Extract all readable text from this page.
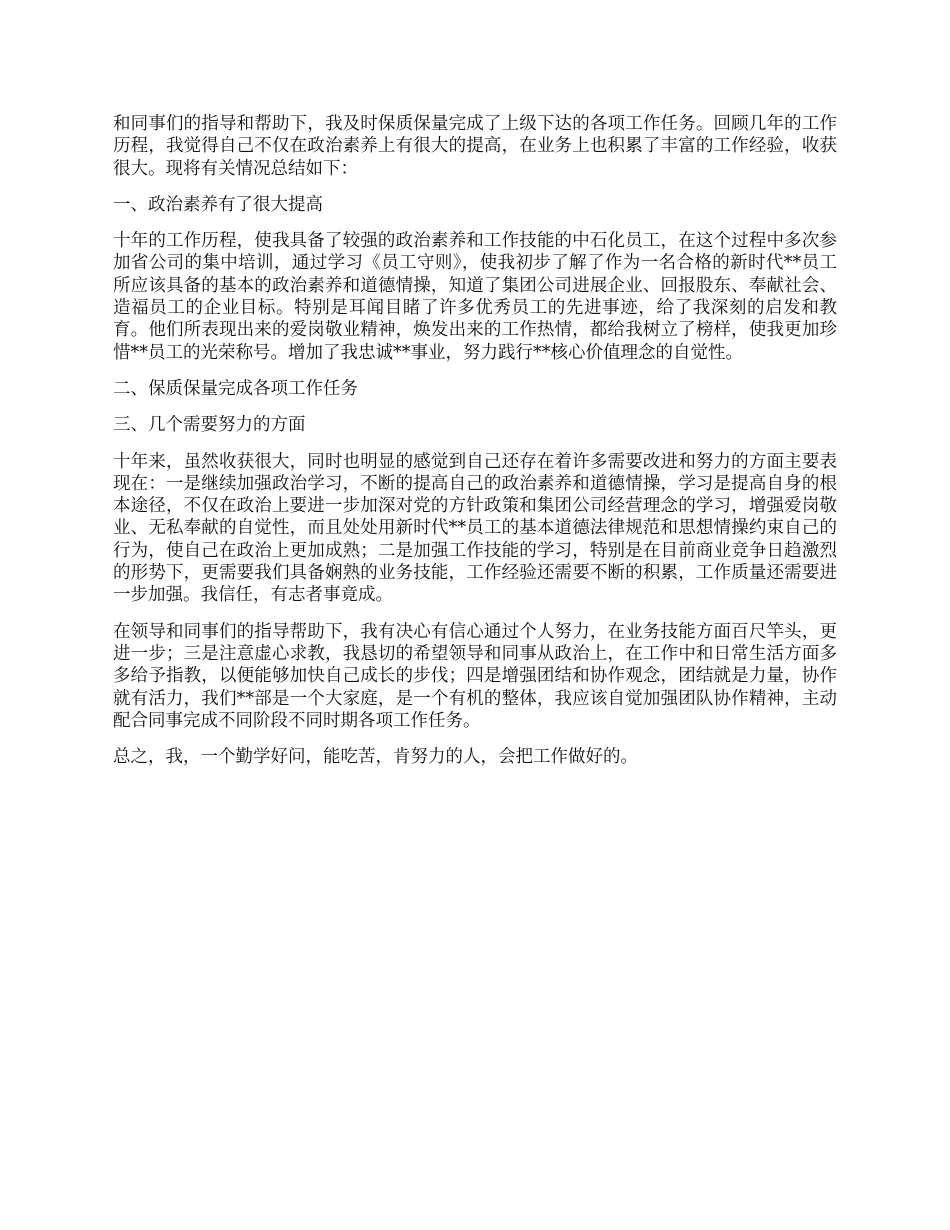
和同事们的指导和帮助下，我及时保质保量完成了上级下达的各项工作任务。回顾几年的工作历程，我觉得自己不仅在政治素养上有很大的提高，在业务上也积累了丰富的工作经验，收获很大。现将有关情况总结如下：

一、政治素养有了很大提高

十年的工作历程，使我具备了较强的政治素养和工作技能的中石化员工，在这个过程中多次参加省公司的集中培训，通过学习《员工守则》，使我初步了解了作为一名合格的新时代**员工所应该具备的基本的政治素养和道德情操，知道了集团公司进展企业、回报股东、奉献社会、造福员工的企业目标。特别是耳闻目睹了许多优秀员工的先进事迹，给了我深刻的启发和教育。他们所表现出来的爱岗敬业精神，焕发出来的工作热情，都给我树立了榜样，使我更加珍惜**员工的光荣称号。增加了我忠诚**事业，努力践行**核心价值理念的自觉性。

二、保质保量完成各项工作任务

三、几个需要努力的方面

十年来，虽然收获很大，同时也明显的感觉到自己还存在着许多需要改进和努力的方面主要表现在：一是继续加强政治学习，不断的提高自己的政治素养和道德情操，学习是提高自身的根本途径，不仅在政治上要进一步加深对党的方针政策和集团公司经营理念的学习，增强爱岗敬业、无私奉献的自觉性，而且处处用新时代**员工的基本道德法律规范和思想情操约束自己的行为，使自己在政治上更加成熟；二是加强工作技能的学习，特别是在目前商业竞争日趋激烈的形势下，更需要我们具备娴熟的业务技能，工作经验还需要不断的积累，工作质量还需要进一步加强。我信任，有志者事竟成。

在领导和同事们的指导帮助下，我有决心有信心通过个人努力，在业务技能方面百尺竿头，更进一步；三是注意虚心求教，我恳切的希望领导和同事从政治上，在工作中和日常生活方面多多给予指教，以便能够加快自己成长的步伐；四是增强团结和协作观念，团结就是力量，协作就有活力，我们**部是一个大家庭，是一个有机的整体，我应该自觉加强团队协作精神，主动配合同事完成不同阶段不同时期各项工作任务。

总之，我，一个勤学好问，能吃苦，肯努力的人，会把工作做好的。
